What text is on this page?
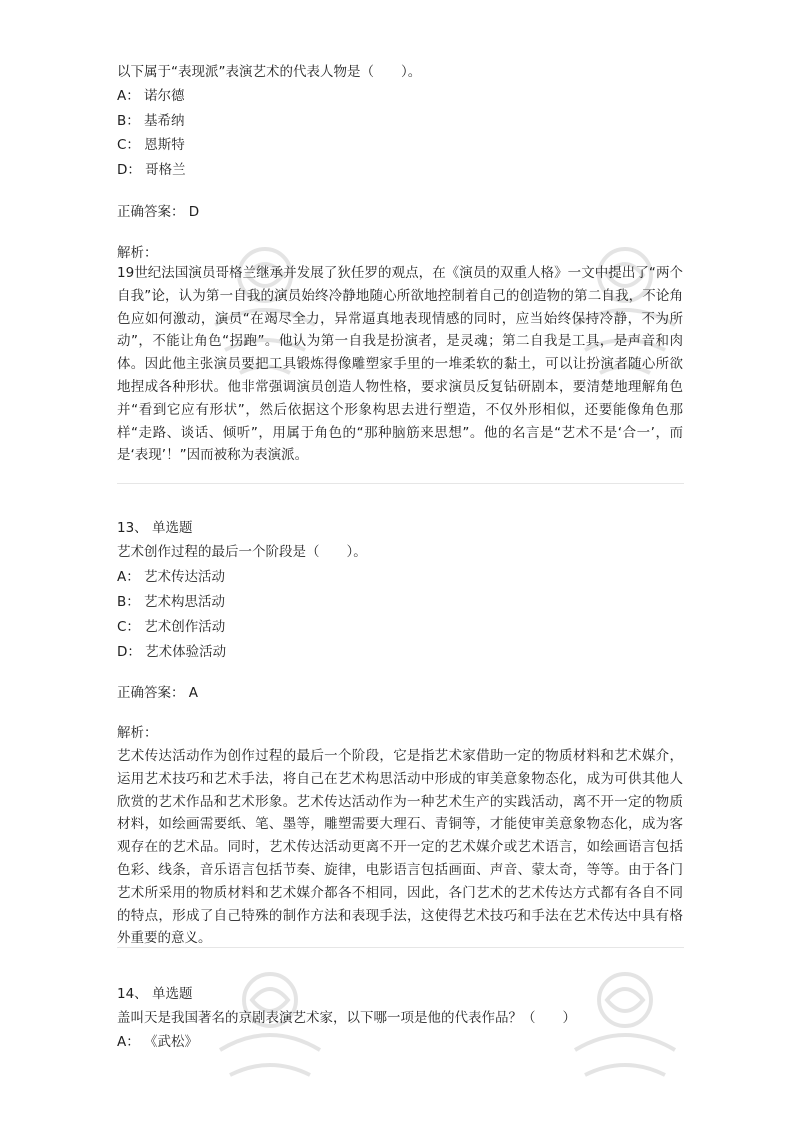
以下属于“表现派”表演艺术的代表人物是（　　）。
A： 诺尔德
B： 基希纳
C： 恩斯特
D： 哥格兰
正确答案： D
解析：
19世纪法国演员哥格兰继承并发展了狄任罗的观点，在《演员的双重人格》一文中提出了“两个自我”论，认为第一自我的演员始终冷静地随心所欲地控制着自己的创造物的第二自我，不论角色应如何激动，演员“在竭尽全力，异常逼真地表现情感的同时，应当始终保持冷静，不为所动”，不能让角色“拐跑”。他认为第一自我是扮演者，是灵魂；第二自我是工具，是声音和肉体。因此他主张演员要把工具锻炼得像雕塑家手里的一堆柔软的黏土，可以让扮演者随心所欲地捏成各种形状。他非常强调演员创造人物性格，要求演员反复钻研剧本，要清楚地理解角色并“看到它应有形状”，然后依据这个形象构思去进行塑造，不仅外形相似，还要能像角色那样“走路、谈话、倾听”，用属于角色的“那种脑筋来思想”。他的名言是“艺术不是‘合一’，而是‘表现’！”因而被称为表演派。
13、 单选题
艺术创作过程的最后一个阶段是（　　）。
A： 艺术传达活动
B： 艺术构思活动
C： 艺术创作活动
D： 艺术体验活动
正确答案： A
解析：
艺术传达活动作为创作过程的最后一个阶段，它是指艺术家借助一定的物质材料和艺术媒介，运用艺术技巧和艺术手法，将自己在艺术构思活动中形成的审美意象物态化，成为可供其他人欣赏的艺术作品和艺术形象。艺术传达活动作为一种艺术生产的实践活动，离不开一定的物质材料，如绘画需要纸、笔、墨等，雕塑需要大理石、青铜等，才能使审美意象物态化，成为客观存在的艺术品。同时，艺术传达活动更离不开一定的艺术媒介或艺术语言，如绘画语言包括色彩、线条，音乐语言包括节奏、旋律，电影语言包括画面、声音、蒙太奇，等等。由于各门艺术所采用的物质材料和艺术媒介都各不相同，因此，各门艺术的艺术传达方式都有各自不同的特点，形成了自己特殊的制作方法和表现手法，这使得艺术技巧和手法在艺术传达中具有格外重要的意义。
14、 单选题
盖叫天是我国著名的京剧表演艺术家，以下哪一项是他的代表作品？（　　）
A： 《武松》
